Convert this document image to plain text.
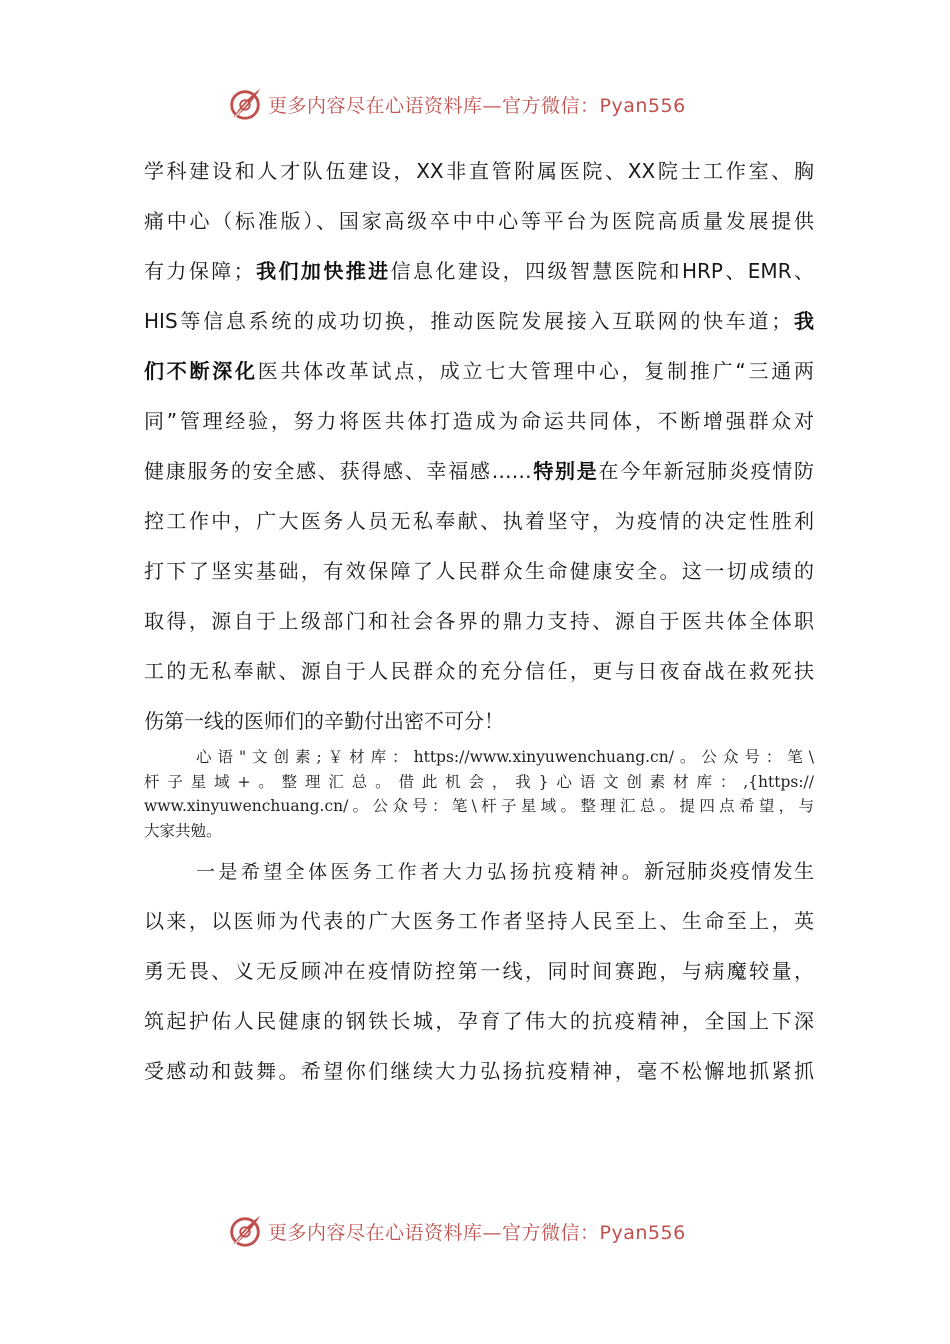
更多内容尽在心语资料库—官方微信：Pyan556
学科建设和人才队伍建设，XX非直管附属医院、XX院士工作室、胸
痛中心（标准版）、国家高级卒中中心等平台为医院高质量发展提供
有力保障；我们加快推进信息化建设，四级智慧医院和HRP、EMR、
HIS等信息系统的成功切换，推动医院发展接入互联网的快车道；我
们不断深化医共体改革试点，成立七大管理中心，复制推广“三通两
同”管理经验，努力将医共体打造成为命运共同体，不断增强群众对
健康服务的安全感、获得感、幸福感……特别是在今年新冠肺炎疫情防
控工作中，广大医务人员无私奉献、执着坚守，为疫情的决定性胜利
打下了坚实基础，有效保障了人民群众生命健康安全。这一切成绩的
取得，源自于上级部门和社会各界的鼎力支持、源自于医共体全体职
工的无私奉献、源自于人民群众的充分信任，更与日夜奋战在救死扶
伤第一线的医师们的辛勤付出密不可分！
心语"文创素;￥材库：https://www.xinyuwenchuang.cn/。公众号：笔\
杆子星域+。整理汇总。借此机会，我}心语文创素材库：,{https://
www.xinyuwenchuang.cn/。公众号：笔\杆子星域。整理汇总。提四点希望，与
大家共勉。
一是希望全体医务工作者大力弘扬抗疫精神。新冠肺炎疫情发生
以来，以医师为代表的广大医务工作者坚持人民至上、生命至上，英
勇无畏、义无反顾冲在疫情防控第一线，同时间赛跑，与病魔较量，
筑起护佑人民健康的钢铁长城，孕育了伟大的抗疫精神，全国上下深
受感动和鼓舞。希望你们继续大力弘扬抗疫精神，毫不松懈地抓紧抓
更多内容尽在心语资料库—官方微信：Pyan556
